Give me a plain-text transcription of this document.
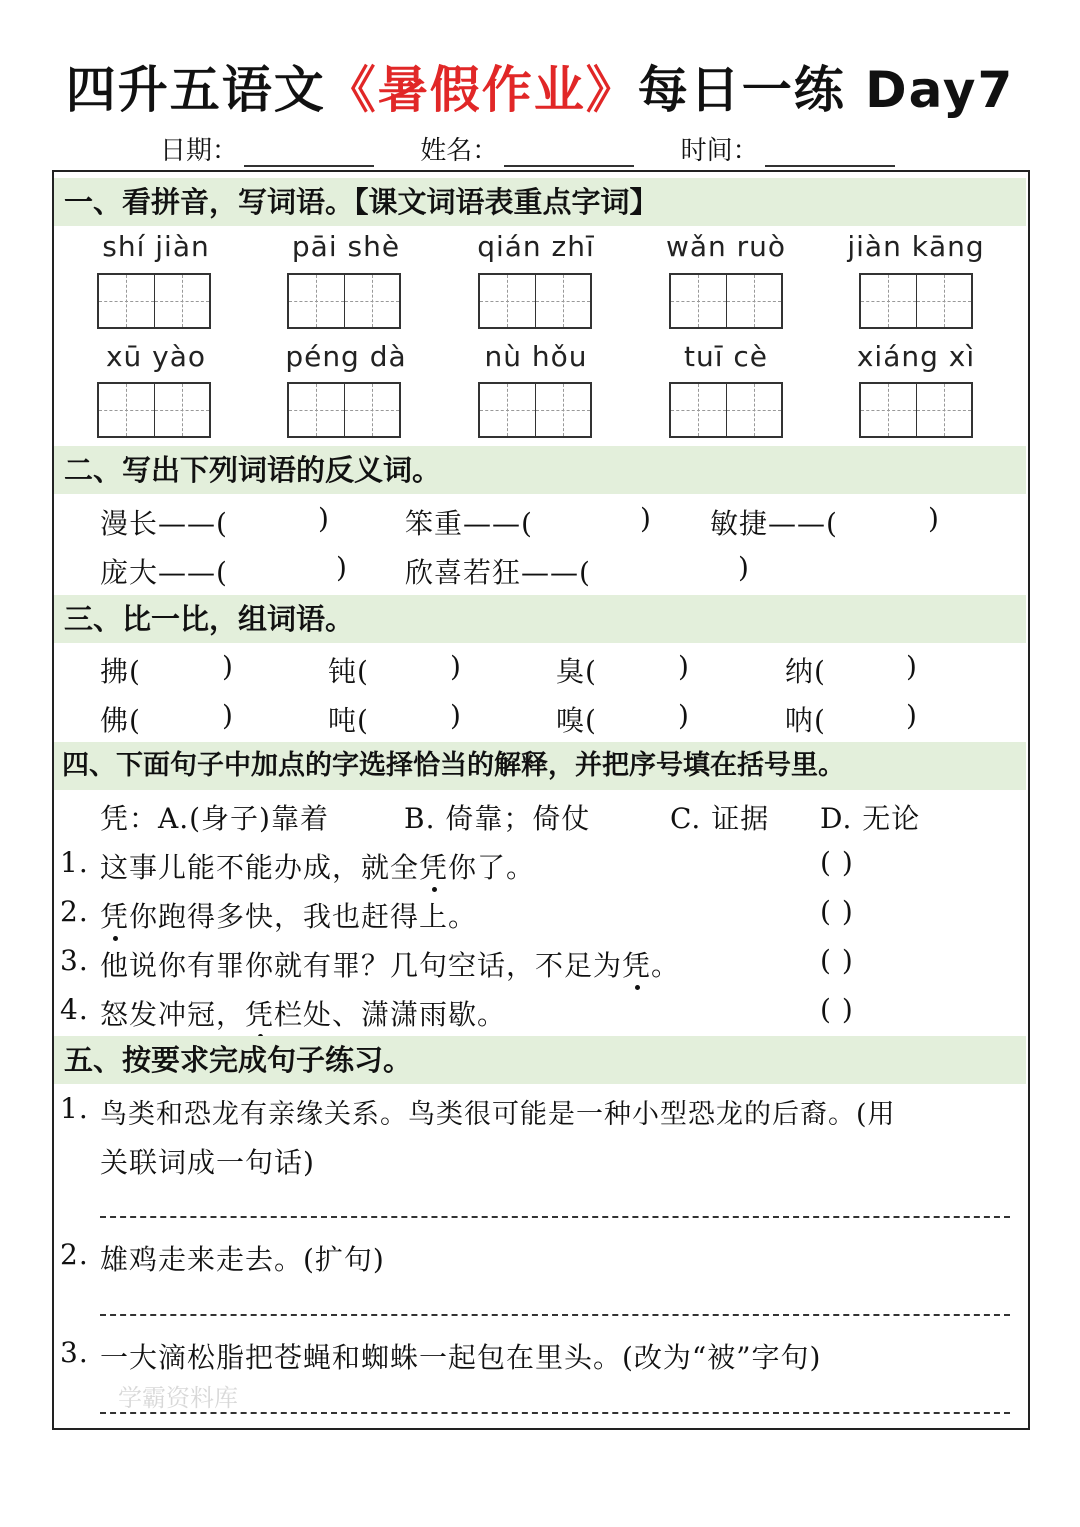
四升五语文《暑假作业》每日一练 Day7
日期：	姓名：	时间：
一、看拼音，写词语。【课文词语表重点字词】
shí jiàn	pāi shè	qián zhī	wǎn ruò	jiàn kāng
xū yào	péng dà	nù hǒu	tuī cè	xiáng xì
二、写出下列词语的反义词。
漫长——(	)	笨重——(	) 敏捷——(	)
庞大——(	) 欣喜若狂——(	)
三、比一比，组词语。
拂(	)	钝(	)	臭(	)	纳(	)
佛(	)	吨(	)	嗅(	)	呐(	)
四、下面句子中加点的字选择恰当的解释，并把序号填在括号里。
凭：A.(身子)靠着	B. 倚靠；倚仗	C. 证据 D. 无论
1. 这事儿能不能办成，就全凭你了。	( )
2. 凭你跑得多快，我也赶得上。	( )
3. 他说你有罪你就有罪？几句空话，不足为凭。	( )
4. 怒发冲冠，凭栏处、潇潇雨歇。	( )
五、按要求完成句子练习。
1. 鸟类和恐龙有亲缘关系。鸟类很可能是一种小型恐龙的后裔。(用
关联词成一句话)
2. 雄鸡走来走去。(扩句)
3. 一大滴松脂把苍蝇和蜘蛛一起包在里头。(改为“被”字句)
学霸资料库
